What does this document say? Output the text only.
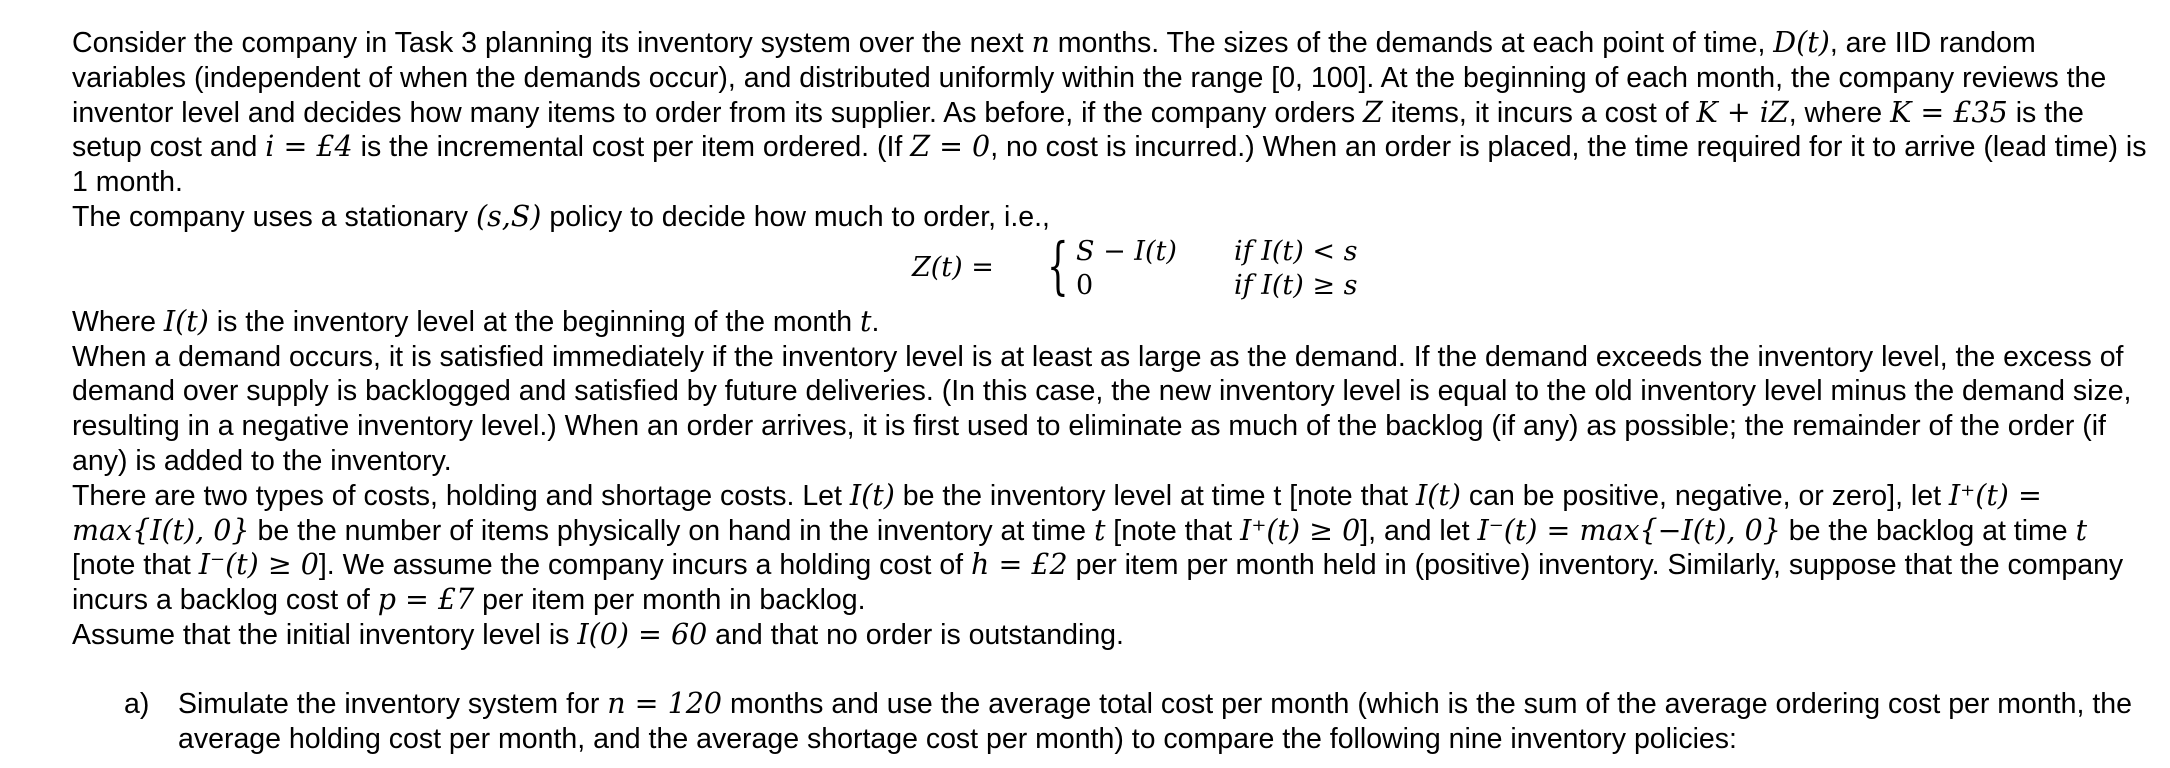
Consider the company in Task 3 planning its inventory system over the next n months. The sizes of the demands at each point of time, D(t), are IID random variables (independent of when the demands occur), and distributed uniformly within the range [0, 100]. At the beginning of each month, the company reviews the inventor level and decides how many items to order from its supplier. As before, if the company orders Z items, it incurs a cost of K + iZ, where K = £35 is the setup cost and i = £4 is the incremental cost per item ordered. (If Z = 0, no cost is incurred.) When an order is placed, the time required for it to arrive (lead time) is 1 month.

The company uses a stationary (s,S) policy to decide how much to order, i.e.,

Z(t) = { S − I(t)
0
if I(t) < s
if I(t) ≥ s

Where I(t) is the inventory level at the beginning of the month t.

When a demand occurs, it is satisfied immediately if the inventory level is at least as large as the demand. If the demand exceeds the inventory level, the excess of demand over supply is backlogged and satisfied by future deliveries. (In this case, the new inventory level is equal to the old inventory level minus the demand size, resulting in a negative inventory level.) When an order arrives, it is first used to eliminate as much of the backlog (if any) as possible; the remainder of the order (if any) is added to the inventory.

There are two types of costs, holding and shortage costs. Let I(t) be the inventory level at time t [note that I(t) can be positive, negative, or zero], let I⁺(t) = max{I(t), 0} be the number of items physically on hand in the inventory at time t [note that I⁺(t) ≥ 0], and let I⁻(t) = max{−I(t), 0} be the backlog at time t [note that I⁻(t) ≥ 0]. We assume the company incurs a holding cost of h = £2 per item per month held in (positive) inventory. Similarly, suppose that the company incurs a backlog cost of p = £7 per item per month in backlog.

Assume that the initial inventory level is I(0) = 60 and that no order is outstanding.

a) Simulate the inventory system for n = 120 months and use the average total cost per month (which is the sum of the average ordering cost per month, the average holding cost per month, and the average shortage cost per month) to compare the following nine inventory policies:
